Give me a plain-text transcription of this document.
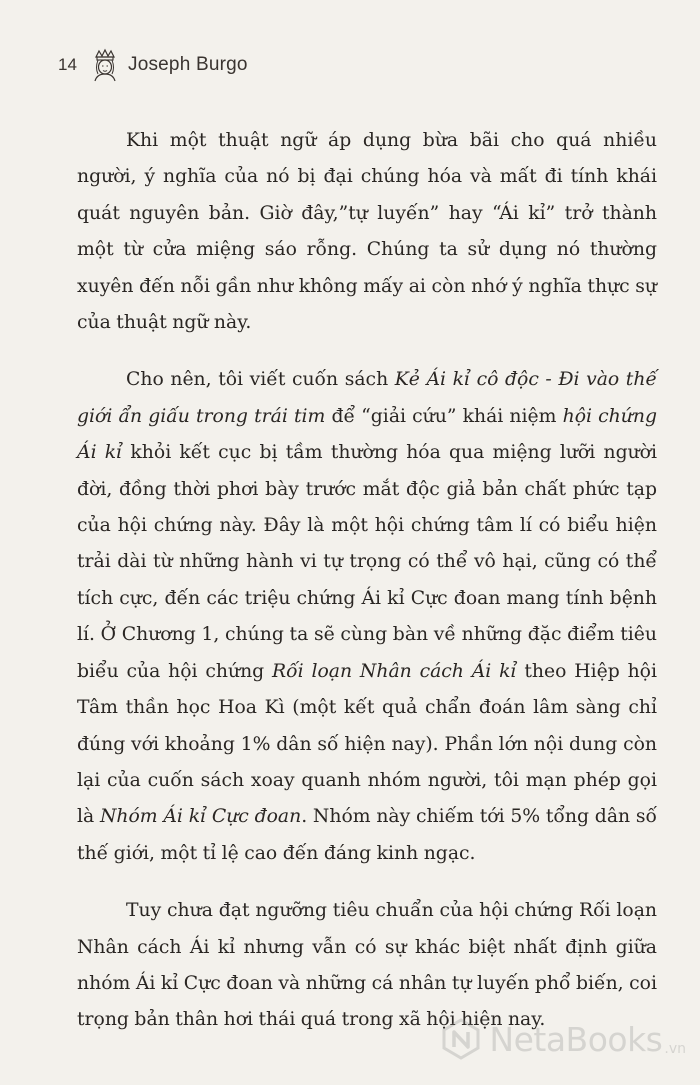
14	Joseph Burgo

Khi một thuật ngữ áp dụng bừa bãi cho quá nhiều người, ý nghĩa của nó bị đại chúng hóa và mất đi tính khái quát nguyên bản. Giờ đây,”tự luyến” hay “Ái kỉ” trở thành một từ cửa miệng sáo rỗng. Chúng ta sử dụng nó thường xuyên đến nỗi gần như không mấy ai còn nhớ ý nghĩa thực sự của thuật ngữ này.

Cho nên, tôi viết cuốn sách Kẻ Ái kỉ cô độc - Đi vào thế giới ẩn giấu trong trái tim để “giải cứu” khái niệm hội chứng Ái kỉ khỏi kết cục bị tầm thường hóa qua miệng lưỡi người đời, đồng thời phơi bày trước mắt độc giả bản chất phức tạp của hội chứng này. Đây là một hội chứng tâm lí có biểu hiện trải dài từ những hành vi tự trọng có thể vô hại, cũng có thể tích cực, đến các triệu chứng Ái kỉ Cực đoan mang tính bệnh lí. Ở Chương 1, chúng ta sẽ cùng bàn về những đặc điểm tiêu biểu của hội chứng Rối loạn Nhân cách Ái kỉ theo Hiệp hội Tâm thần học Hoa Kì (một kết quả chẩn đoán lâm sàng chỉ đúng với khoảng 1% dân số hiện nay). Phần lớn nội dung còn lại của cuốn sách xoay quanh nhóm người, tôi mạn phép gọi là Nhóm Ái kỉ Cực đoan. Nhóm này chiếm tới 5% tổng dân số thế giới, một tỉ lệ cao đến đáng kinh ngạc.

Tuy chưa đạt ngưỡng tiêu chuẩn của hội chứng Rối loạn Nhân cách Ái kỉ nhưng vẫn có sự khác biệt nhất định giữa nhóm Ái kỉ Cực đoan và những cá nhân tự luyến phổ biến, coi trọng bản thân hơi thái quá trong xã hội hiện nay.

NetaBooks .vn
